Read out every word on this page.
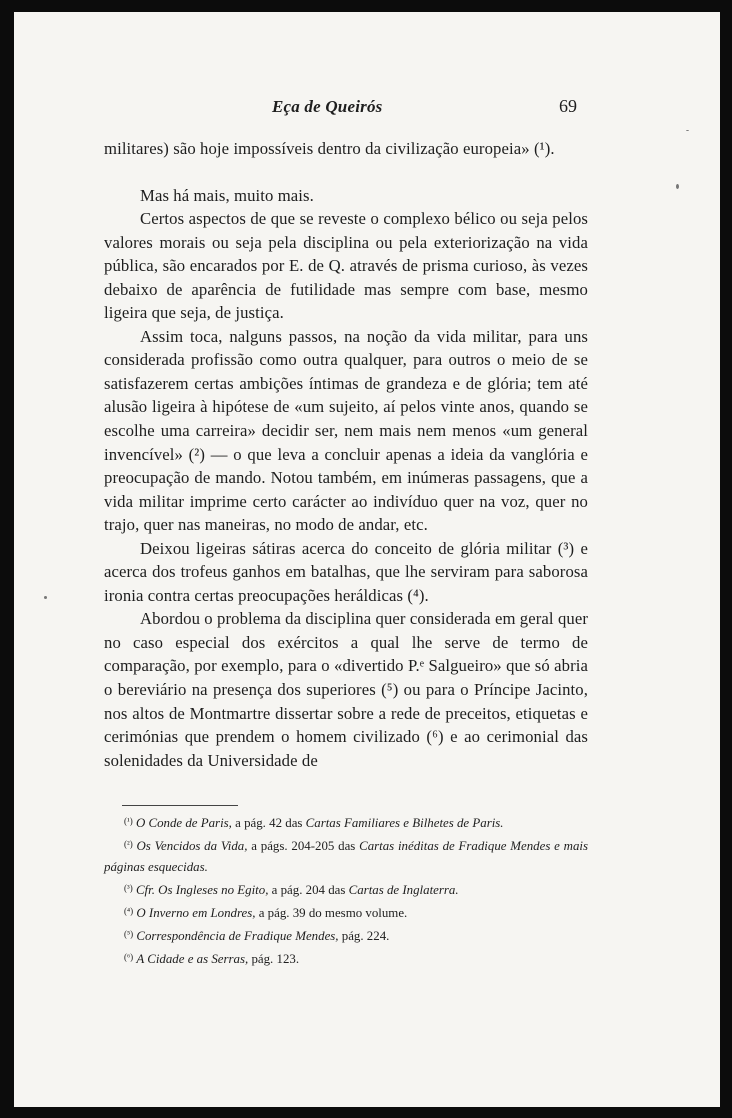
Eça de Queirós	69

militares) são hoje impossíveis dentro da civilização europeia» (¹).

Mas há mais, muito mais.

Certos aspectos de que se reveste o complexo bélico ou seja pelos valores morais ou seja pela disciplina ou pela exteriorização na vida pública, são encarados por E. de Q. através de prisma curioso, às vezes debaixo de aparência de futilidade mas sempre com base, mesmo ligeira que seja, de justiça.

Assim toca, nalguns passos, na noção da vida militar, para uns considerada profissão como outra qualquer, para outros o meio de se satisfazerem certas ambições íntimas de grandeza e de glória; tem até alusão ligeira à hipótese de «um sujeito, aí pelos vinte anos, quando se escolhe uma carreira» decidir ser, nem mais nem menos «um general invencível» (²) — o que leva a concluir apenas a ideia da vanglória e preocupação de mando. Notou também, em inúmeras passagens, que a vida militar imprime certo carácter ao indivíduo quer na voz, quer no trajo, quer nas maneiras, no modo de andar, etc.

Deixou ligeiras sátiras acerca do conceito de glória militar (³) e acerca dos trofeus ganhos em batalhas, que lhe serviram para saborosa ironia contra certas preocupações heráldicas (⁴).

Abordou o problema da disciplina quer considerada em geral quer no caso especial dos exércitos a qual lhe serve de termo de comparação, por exemplo, para o «divertido P.ᵉ Salgueiro» que só abria o bereviário na presença dos superiores (⁵) ou para o Príncipe Jacinto, nos altos de Montmartre dissertar sobre a rede de preceitos, etiquetas e cerimónias que prendem o homem civilizado (⁶) e ao cerimonial das solenidades da Universidade de

$^{(^1)}$ O Conde de Paris, a pág. 42 das Cartas Familiares e Bilhetes de Paris.

$^{(^2)}$ Os Vencidos da Vida, a págs. 204-205 das Cartas inéditas de Fradique Mendes e mais páginas esquecidas.

$^{(^3)}$ Cfr. Os Ingleses no Egito, a pág. 204 das Cartas de Inglaterra.

$^{(^4)}$ O Inverno em Londres, a pág. 39 do mesmo volume.

$^{(^5)}$ Correspondência de Fradique Mendes, pág. 224.

$^{(^6)}$ A Cidade e as Serras, pág. 123.
